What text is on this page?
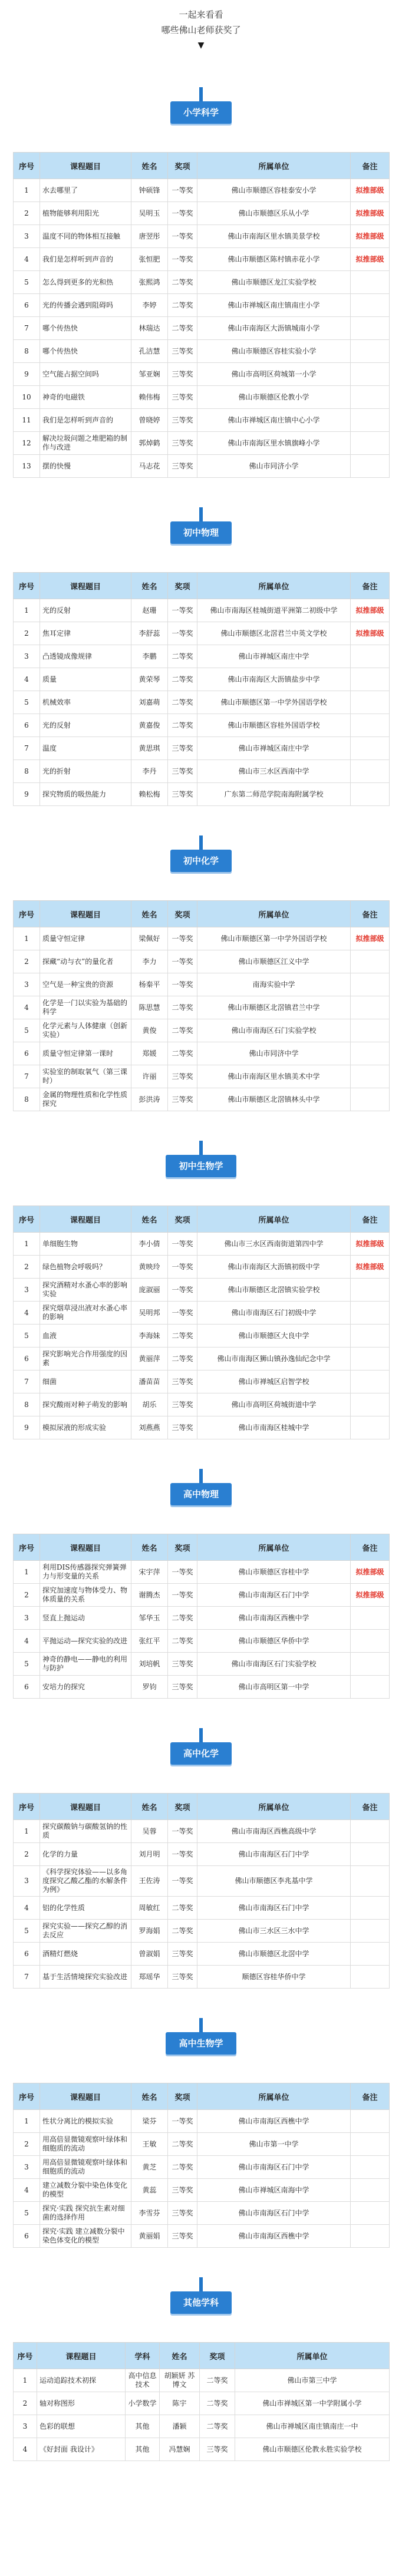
一起来看看
哪些佛山老师获奖了
▼
小学科学
序号	课程题目	姓名	奖项	所属单位	备注
1	水去哪里了	钟硕锋	一等奖	佛山市顺德区容桂泰安小学	拟推部级
2	植物能够利用阳光	吴明玉	一等奖	佛山市顺德区乐从小学	拟推部级
3	温度不同的物体相互接触	唐翌彤	一等奖	佛山市南海区里水镇美景学校	拟推部级
4	我们是怎样听到声音的	张恒肥	一等奖	佛山市顺德区陈村镇赤花小学	拟推部级
5	怎么得到更多的光和热	张熙鸿	二等奖	佛山市顺德区龙江实验学校	
6	光的传播会遇到阻碍吗	李婷	二等奖	佛山市禅城区南庄镇南庄小学	
7	哪个传热快	林瑞达	二等奖	佛山市南海区大沥镇城南小学	
8	哪个传热快	孔洁慧	三等奖	佛山市顺德区容桂实验小学	
9	空气能占据空间吗	邹亚娴	三等奖	佛山市高明区荷城第一小学	
10	神奇的电磁铁	赖伟梅	三等奖	佛山市顺德区伦教小学	
11	我们是怎样听到声音的	曾晓婷	三等奖	佛山市禅城区南庄镇中心小学	
12	解决垃圾问题之堆肥箱的制作与改进	郭焯鹤	三等奖	佛山市南海区里水镇旗峰小学	
13	摆的快慢	马志花	三等奖	佛山市同济小学	
初中物理
序号	课程题目	姓名	奖项	所属单位	备注
1	光的反射	赵珊	一等奖	佛山市南海区桂城街道平洲第二初级中学	拟推部级
2	焦耳定律	李舒蕊	一等奖	佛山市顺德区北滘君兰中英文学校	拟推部级
3	凸透镜成像规律	李鹏	二等奖	佛山市禅城区南庄中学	
4	质量	黄荣琴	二等奖	佛山市南海区大沥镇盐步中学	
5	机械效率	刘嘉萌	二等奖	佛山市顺德区第一中学外国语学校	
6	光的反射	黄嘉俊	二等奖	佛山市顺德区容桂外国语学校	
7	温度	黄思琪	三等奖	佛山市禅城区南庄中学	
8	光的折射	李丹	三等奖	佛山市三水区西南中学	
9	探究物质的吸热能力	赖松梅	三等奖	广东第二师范学院南海附属学校	
初中化学
序号	课程题目	姓名	奖项	所属单位	备注
1	质量守恒定律	梁佩好	一等奖	佛山市顺德区第一中学外国语学校	拟推部级
2	探藏“动与衣”的量化者	李力	一等奖	佛山市顺德区江义中学	
3	空气是一种宝贵的资源	杨秦平	一等奖	南海实验中学	
4	化学是一门以实验为基础的科学	陈思慧	二等奖	佛山市顺德区北滘镇君兰中学	
5	化学元素与人体健康（创新实验）	黄俊	二等奖	佛山市南海区石门实验学校	
6	质量守恒定律第一课时	郑媛	二等奖	佛山市同济中学	
7	实验室的制取氧气（第三课时）	许丽	三等奖	佛山市南海区里水镇美术中学	
8	金属的物理性质和化学性质探究	彭洪涛	三等奖	佛山市顺德区北滘镇林头中学	
初中生物学
序号	课程题目	姓名	奖项	所属单位	备注
1	单细胞生物	李小倩	一等奖	佛山市三水区西南街道第四中学	拟推部级
2	绿色植物会呼吸吗？	黄映玲	一等奖	佛山市南海区大沥镇初级中学	拟推部级
3	探究酒精对水蚤心率的影响实验	庞淑丽	一等奖	佛山市顺德区北滘镇实验学校	
4	探究烟草浸出液对水蚤心率的影响	吴明邦	一等奖	佛山市南海区石门初级中学	
5	血液	李海妹	二等奖	佛山市顺德区大良中学	
6	探究影响光合作用强度的因素	黄丽萍	二等奖	佛山市南海区狮山镇孙逸仙纪念中学	
7	细菌	潘苗苗	三等奖	佛山市禅城区启智学校	
8	探究酸雨对种子萌发的影响	胡乐	三等奖	佛山市高明区荷城街道中学	
9	模拟尿液的形成实验	刘燕燕	三等奖	佛山市南海区桂城中学	
高中物理
序号	课程题目	姓名	奖项	所属单位	备注
1	利用DIS传感器探究弹簧弹力与形变量的关系	宋宇萍	一等奖	佛山市顺德区容桂中学	拟推部级
2	探究加速度与物体受力、物体质量的关系	谢腾杰	一等奖	佛山市南海区石门中学	拟推部级
3	竖直上抛运动	邹华玉	二等奖	佛山市南海区西樵中学	
4	平抛运动—探究实验的改进	张红平	二等奖	佛山市顺德区华侨中学	
5	神奇的静电——静电的利用与防护	刘培帆	三等奖	佛山市南海区石门实验学校	
6	安培力的探究	罗钧	三等奖	佛山市高明区第一中学	
高中化学
序号	课程题目	姓名	奖项	所属单位	备注
1	探究碳酸钠与碳酸氢钠的性质	吴蓉	一等奖	佛山市南海区西樵高级中学	
2	化学的力量	刘月明	一等奖	佛山市南海区石门中学	
3	《科学探究体验——以多角度探究乙酸乙酯的水解条件为例》	王佐涛	一等奖	佛山市顺德区李兆基中学	
4	铝的化学性质	周敏红	二等奖	佛山市南海区石门中学	
5	探究实验——探究乙醇的消去反应	罗海娟	二等奖	佛山市三水区三水中学	
6	酒精灯燃烧	曾淑娟	三等奖	佛山市顺德区北滘中学	
7	基于生活情境探究实验改进	郑瑶华	三等奖	顺德区容桂华侨中学	
高中生物学
序号	课程题目	姓名	奖项	所属单位	备注
1	性状分离比的模拟实验	梁芬	一等奖	佛山市南海区西樵中学	
2	用高倍显微镜观察叶绿体和细胞质的流动	王敏	二等奖	佛山市第一中学	
3	用高倍显微镜观察叶绿体和细胞质的流动	黄芝	二等奖	佛山市南海区石门中学	
4	建立减数分裂中染色体变化的模型	黄蕊	三等奖	佛山市禅城区南海中学	
5	探究·实践 探究抗生素对细菌的选择作用	李雪芬	三等奖	佛山市南海区石门中学	
6	探究·实践 建立减数分裂中染色体变化的模型	黄丽娟	三等奖	佛山市南海区西樵中学	
其他学科
序号	课程题目	学科	姓名	奖项	所属单位
1	运动追踪技术初探	高中信息技术	胡颖妍 苏博文	二等奖	佛山市第三中学
2	轴对称图形	小学数学	陈宇	二等奖	佛山市禅城区第一中学附属小学
3	色彩的联想	其他	潘颖	二等奖	佛山市禅城区南庄镇南庄一中
4	《好封面 我设计》	其他	冯慧娴	三等奖	佛山市顺德区伦教永胜实验学校
